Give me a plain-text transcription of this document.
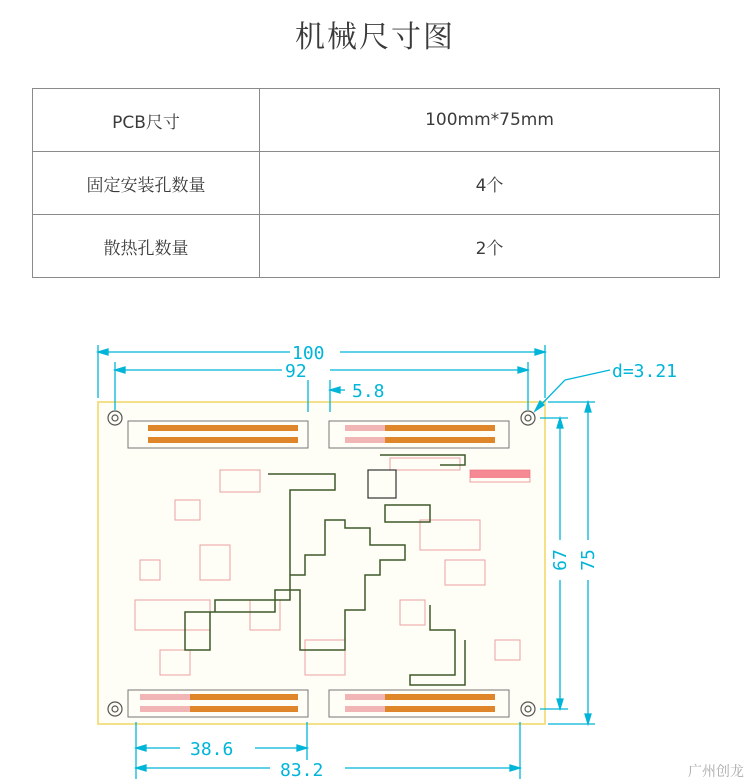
机械尺寸图
PCB尺寸	100mm*75mm
固定安装孔数量	4个
散热孔数量	2个
100
92
5.8
d=3.21
67 75
38.6
83.2	广州创龙
